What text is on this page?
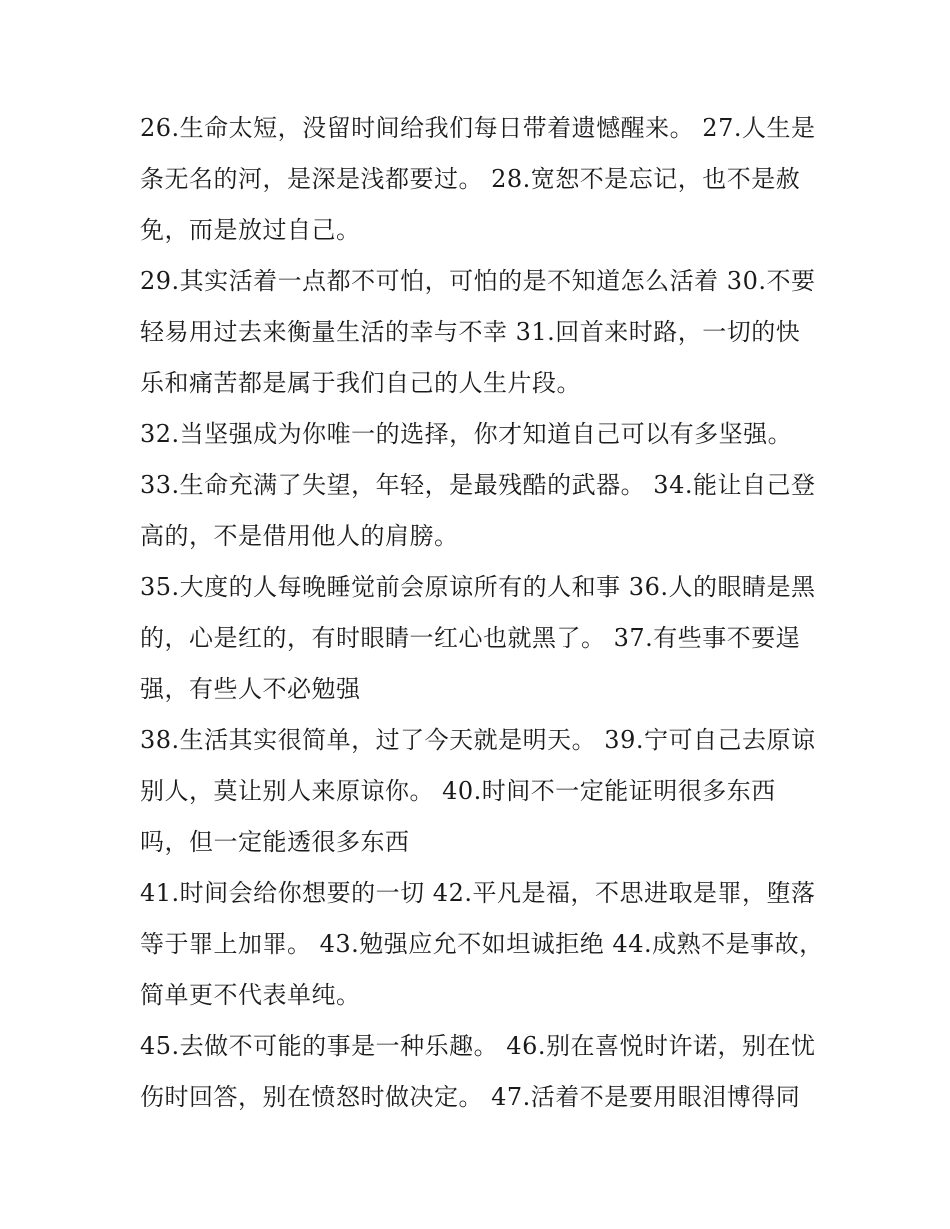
26.生命太短，没留时间给我们每日带着遗憾醒来。 27.人生是
条无名的河，是深是浅都要过。 28.宽恕不是忘记，也不是赦
免，而是放过自己。
29.其实活着一点都不可怕，可怕的是不知道怎么活着 30.不要
轻易用过去来衡量生活的幸与不幸 31.回首来时路，一切的快
乐和痛苦都是属于我们自己的人生片段。
32.当坚强成为你唯一的选择，你才知道自己可以有多坚强。
33.生命充满了失望，年轻，是最残酷的武器。 34.能让自己登
高的，不是借用他人的肩膀。
35.大度的人每晚睡觉前会原谅所有的人和事 36.人的眼睛是黑
的，心是红的，有时眼睛一红心也就黑了。 37.有些事不要逞
强，有些人不必勉强
38.生活其实很简单，过了今天就是明天。 39.宁可自己去原谅
别人，莫让别人来原谅你。 40.时间不一定能证明很多东西
吗，但一定能透很多东西
41.时间会给你想要的一切 42.平凡是福，不思进取是罪，堕落
等于罪上加罪。 43.勉强应允不如坦诚拒绝 44.成熟不是事故，
简单更不代表单纯。
45.去做不可能的事是一种乐趣。 46.别在喜悦时许诺，别在忧
伤时回答，别在愤怒时做决定。 47.活着不是要用眼泪博得同
